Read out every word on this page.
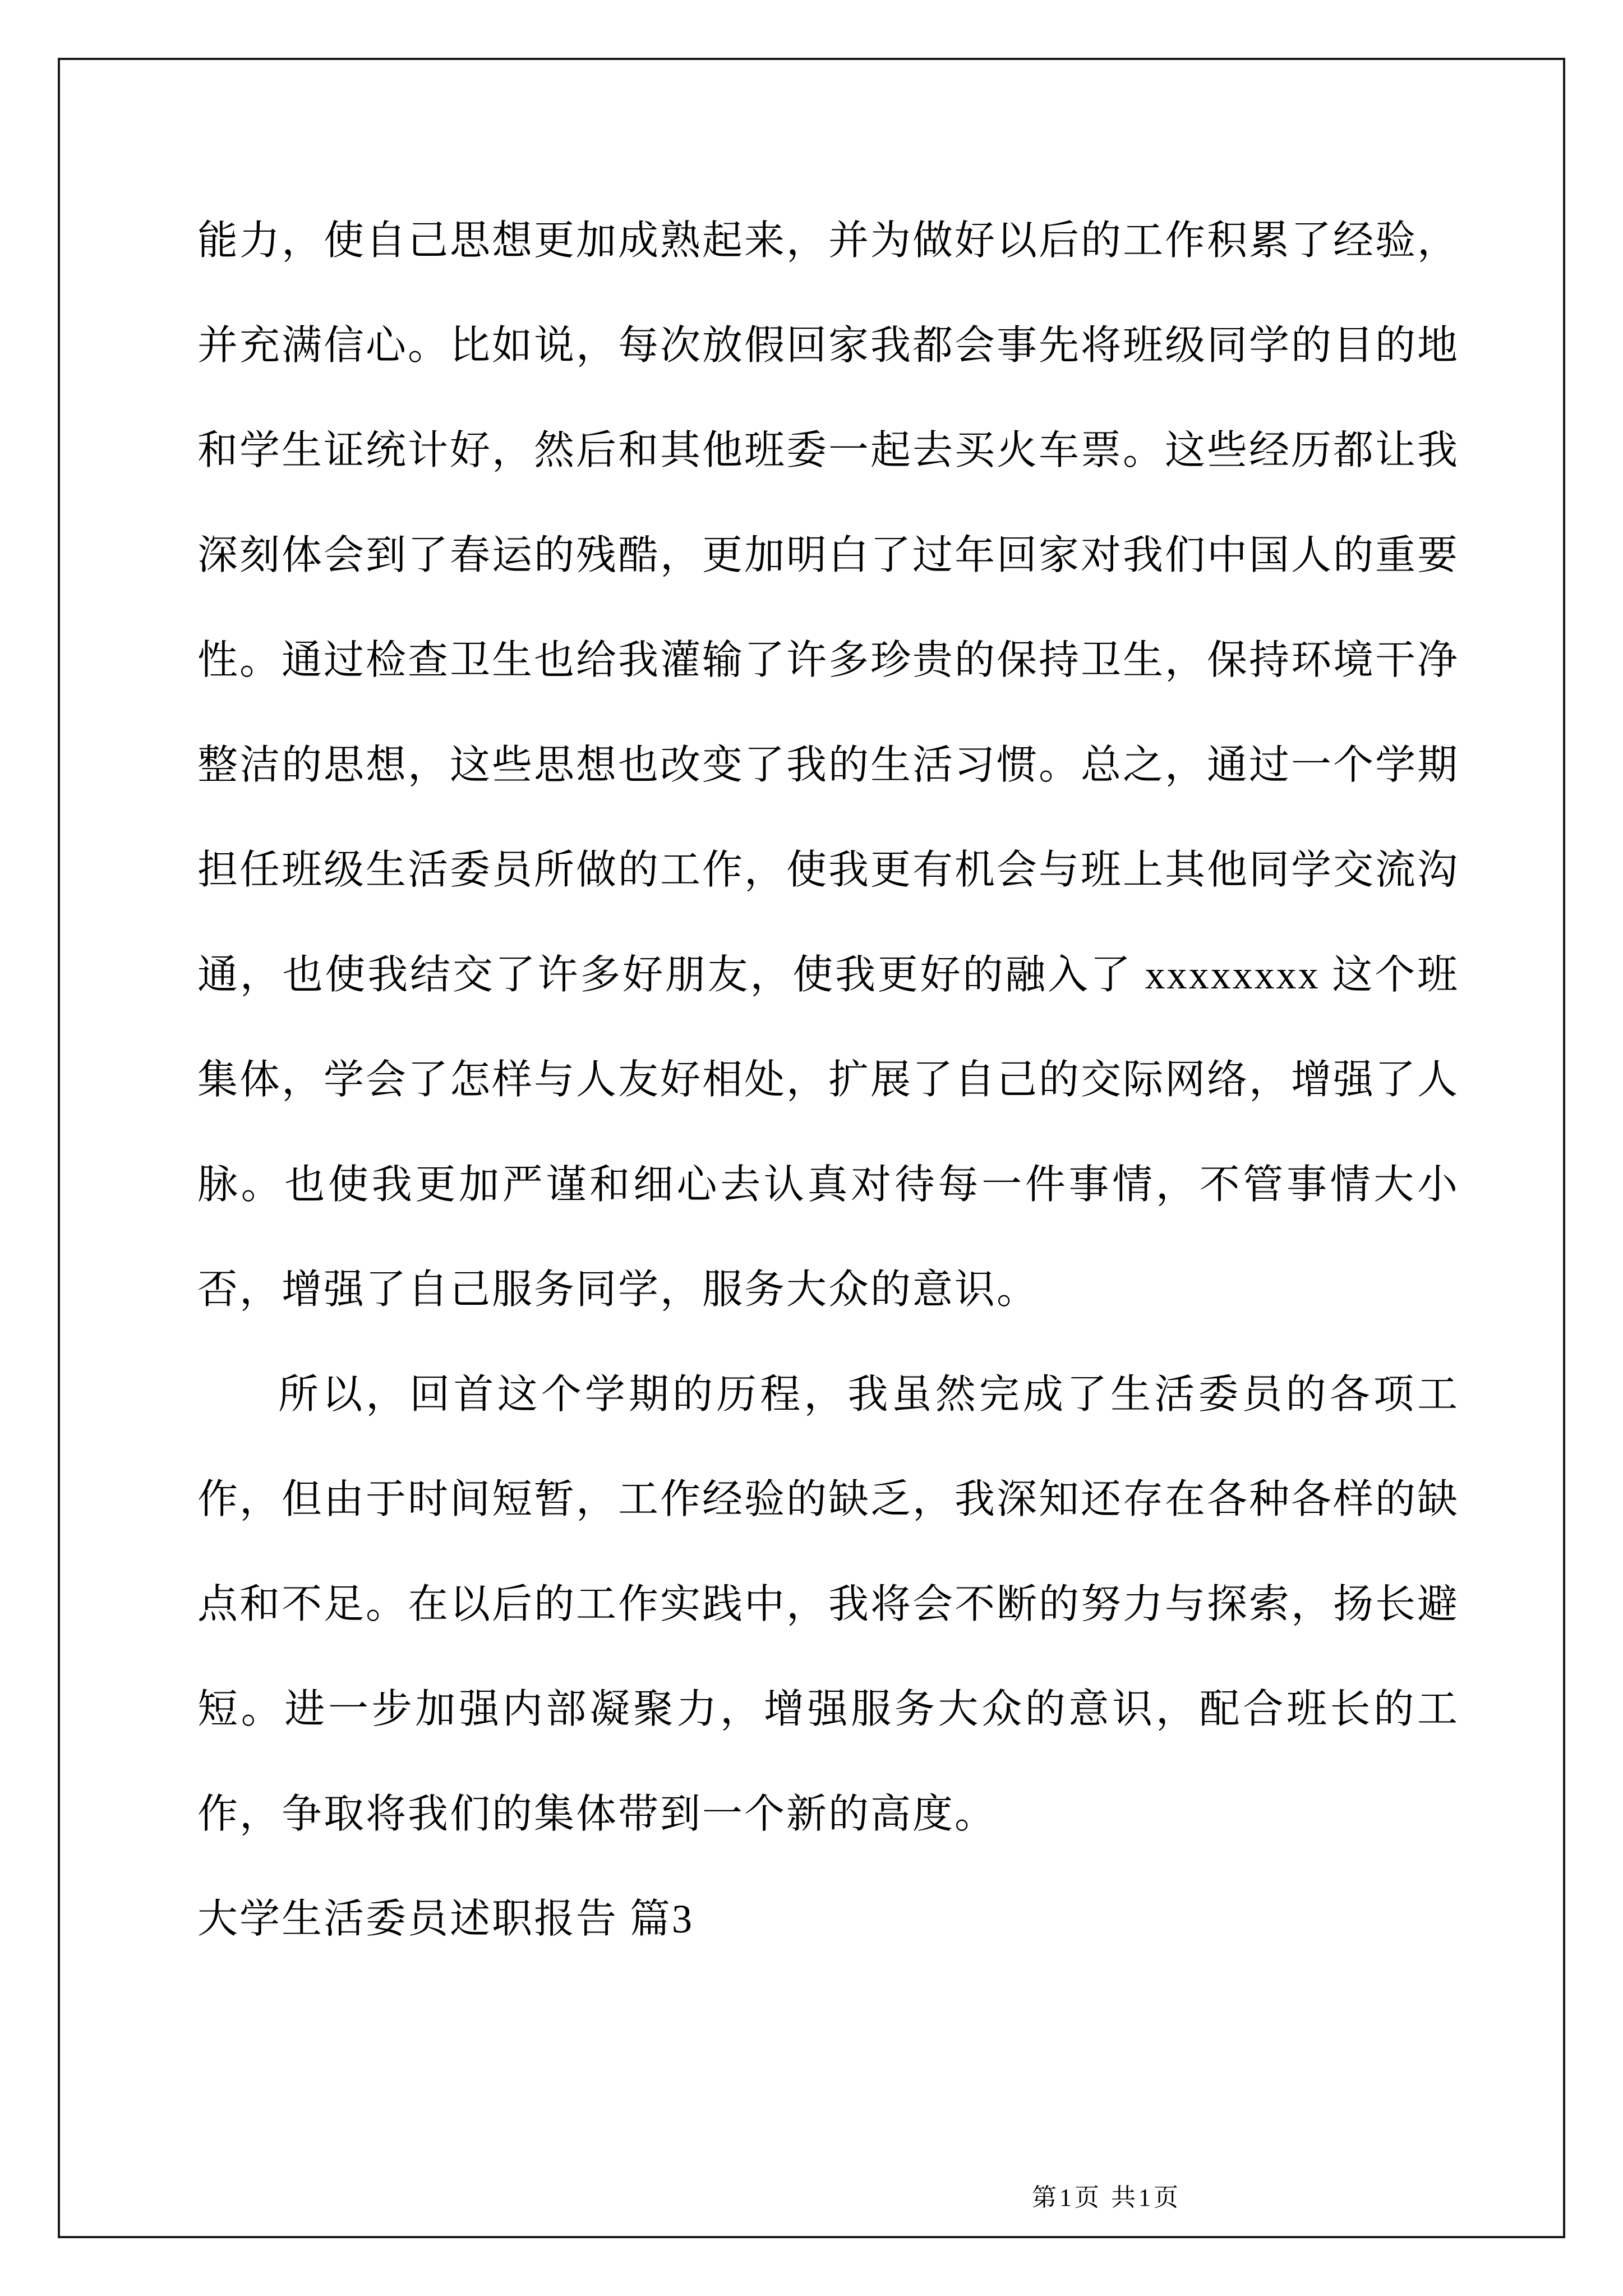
能力，使自己思想更加成熟起来，并为做好以后的工作积累了经验，并充满信心。比如说，每次放假回家我都会事先将班级同学的目的地和学生证统计好，然后和其他班委一起去买火车票。这些经历都让我深刻体会到了春运的残酷，更加明白了过年回家对我们中国人的重要性。通过检查卫生也给我灌输了许多珍贵的保持卫生，保持环境干净整洁的思想，这些思想也改变了我的生活习惯。总之，通过一个学期担任班级生活委员所做的工作，使我更有机会与班上其他同学交流沟通，也使我结交了许多好朋友，使我更好的融入了 xxxxxxxx 这个班集体，学会了怎样与人友好相处，扩展了自己的交际网络，增强了人脉。也使我更加严谨和细心去认真对待每一件事情，不管事情大小否，增强了自己服务同学，服务大众的意识。

所以，回首这个学期的历程，我虽然完成了生活委员的各项工作，但由于时间短暂，工作经验的缺乏，我深知还存在各种各样的缺点和不足。在以后的工作实践中，我将会不断的努力与探索，扬长避短。进一步加强内部凝聚力，增强服务大众的意识，配合班长的工作，争取将我们的集体带到一个新的高度。

大学生活委员述职报告 篇3

第1页 共1页
